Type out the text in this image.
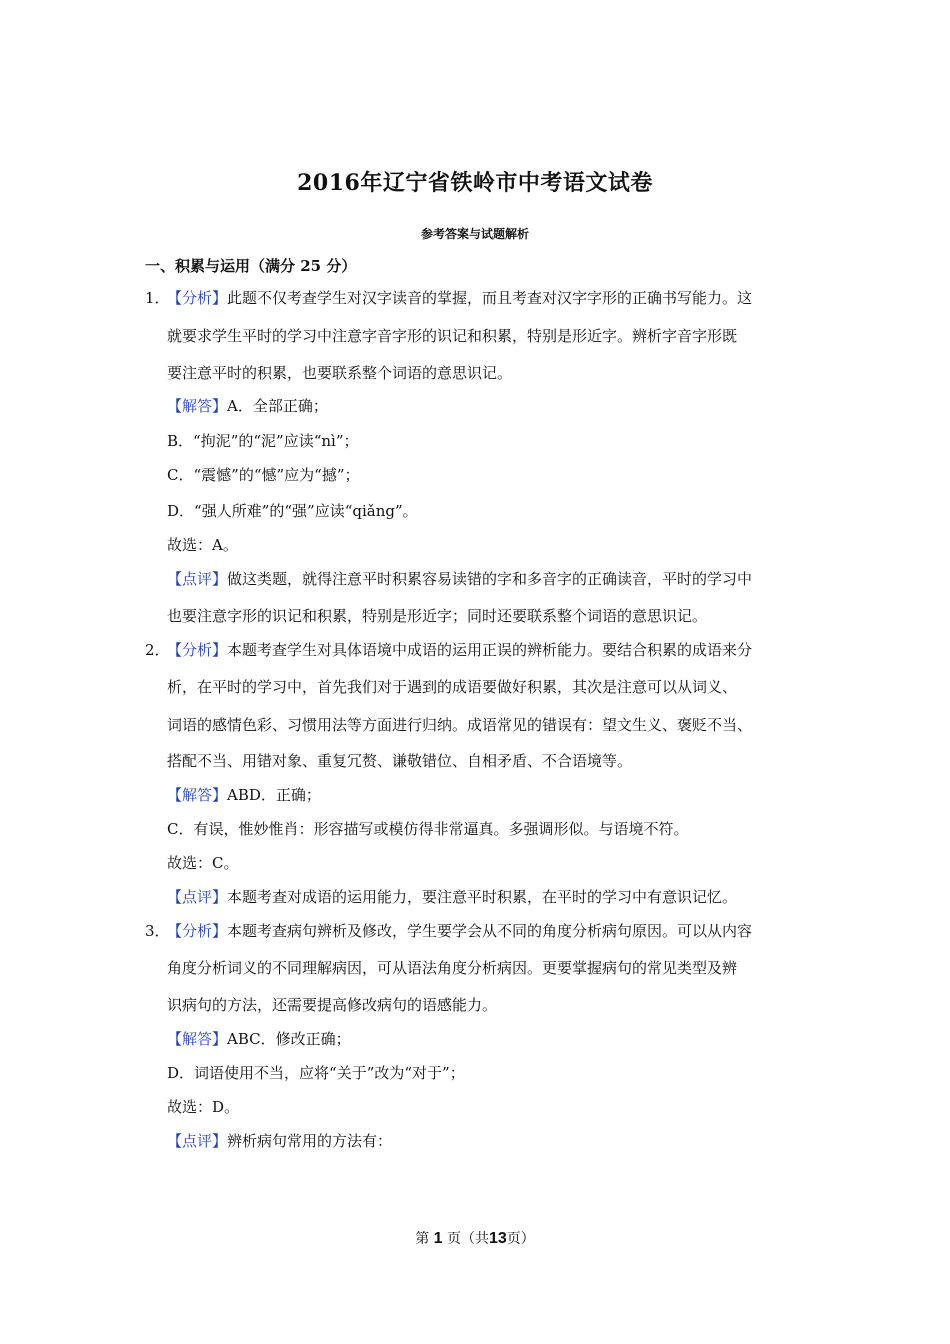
2016年辽宁省铁岭市中考语文试卷
参考答案与试题解析
一、积累与运用（满分 25 分）
1．
【分析】此题不仅考查学生对汉字读音的掌握，而且考查对汉字字形的正确书写能力。这
就要求学生平时的学习中注意字音字形的识记和积累，特别是形近字。辨析字音字形既
要注意平时的积累，也要联系整个词语的意思识记。
【解答】A．全部正确；
B．“拘泥”的“泥”应读“nì”；
C．“震憾”的“憾”应为“撼”；
D．“强人所难”的“强”应读“qiǎng”。
故选：A。
【点评】做这类题，就得注意平时积累容易读错的字和多音字的正确读音，平时的学习中
也要注意字形的识记和积累，特别是形近字；同时还要联系整个词语的意思识记。
2．
【分析】本题考查学生对具体语境中成语的运用正误的辨析能力。要结合积累的成语来分
析，在平时的学习中，首先我们对于遇到的成语要做好积累，其次是注意可以从词义、
词语的感情色彩、习惯用法等方面进行归纳。成语常见的错误有：望文生义、褒贬不当、
搭配不当、用错对象、重复冗赘、谦敬错位、自相矛盾、不合语境等。
【解答】ABD．正确；
C．有误，惟妙惟肖：形容描写或模仿得非常逼真。多强调形似。与语境不符。
故选：C。
【点评】本题考查对成语的运用能力，要注意平时积累，在平时的学习中有意识记忆。
3．
【分析】本题考查病句辨析及修改，学生要学会从不同的角度分析病句原因。可以从内容
角度分析词义的不同理解病因，可从语法角度分析病因。更要掌握病句的常见类型及辨
识病句的方法，还需要提高修改病句的语感能力。
【解答】ABC．修改正确；
D．词语使用不当，应将“关于”改为“对于”；
故选：D。
【点评】辨析病句常用的方法有：
第 1 页（共13页）
